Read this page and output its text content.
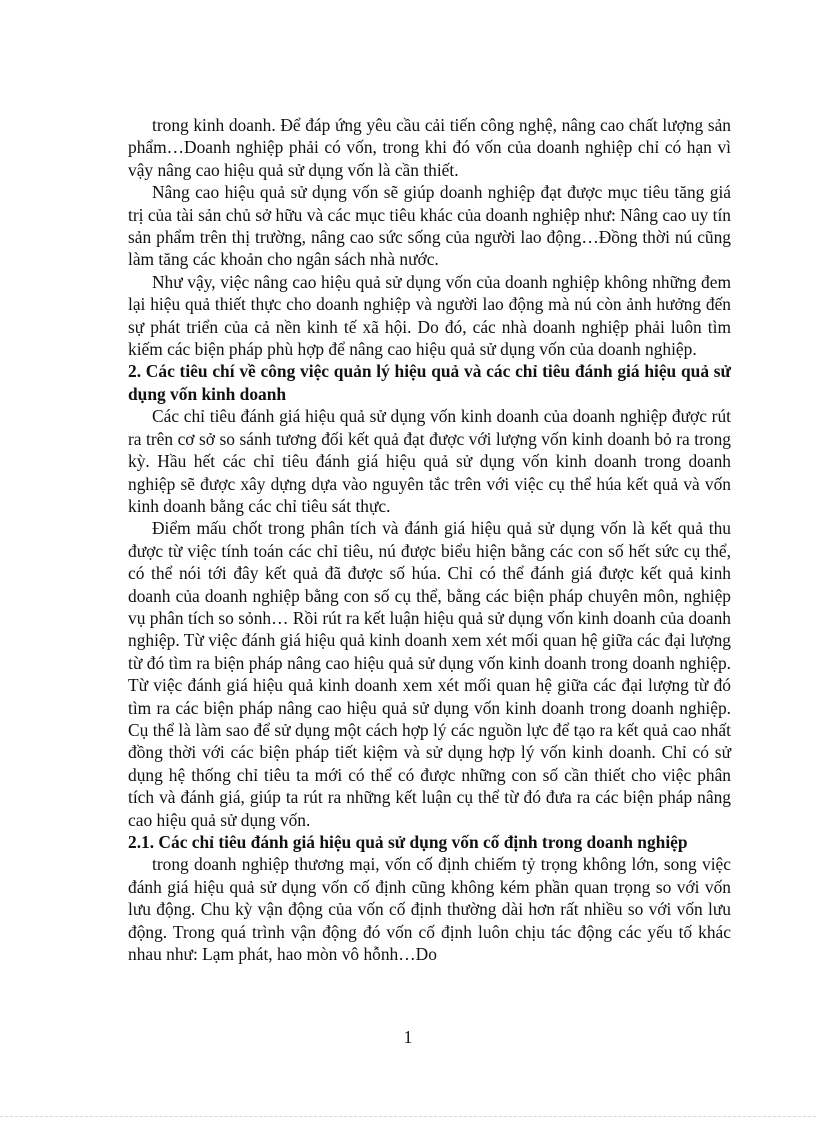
trong kinh doanh. Để đáp ứng yêu cầu cải tiến công nghệ, nâng cao chất lượng sản phẩm…Doanh nghiệp phải có vốn, trong khi đó vốn của doanh nghiệp chỉ có hạn vì vậy nâng cao hiệu quả sử dụng vốn là cần thiết.

Nâng cao hiệu quả sử dụng vốn sẽ giúp doanh nghiệp đạt được mục tiêu tăng giá trị của tài sản chủ sở hữu và các mục tiêu khác của doanh nghiệp như: Nâng cao uy tín sản phẩm trên thị trường, nâng cao sức sống của người lao động…Đồng thời nú cũng làm tăng các khoản cho ngân sách nhà nước.

Như vậy, việc nâng cao hiệu quả sử dụng vốn của doanh nghiệp không những đem lại hiệu quả thiết thực cho doanh nghiệp và người lao động mà nú còn ảnh hưởng đến sự phát triển của cả nền kinh tế xã hội. Do đó, các nhà doanh nghiệp phải luôn tìm kiếm các biện pháp phù hợp để nâng cao hiệu quả sử dụng vốn của doanh nghiệp.

2. Các tiêu chí về công việc quản lý hiệu quả và các chỉ tiêu đánh giá hiệu quả sử dụng vốn kinh doanh

Các chỉ tiêu đánh giá hiệu quả sử dụng vốn kinh doanh của doanh nghiệp được rút ra trên cơ sở so sánh tương đối kết quả đạt được với lượng vốn kinh doanh bỏ ra trong kỳ. Hầu hết các chỉ tiêu đánh giá hiệu quả sử dụng vốn kinh doanh trong doanh nghiệp sẽ được xây dựng dựa vào nguyên tắc trên với việc cụ thể húa kết quả và vốn kinh doanh bằng các chỉ tiêu sát thực.

Điểm mấu chốt trong phân tích và đánh giá hiệu quả sử dụng vốn là kết quả thu được từ việc tính toán các chỉ tiêu, nú được biểu hiện bằng các con số hết sức cụ thể, có thể nói tới đây kết quả đã được số húa. Chỉ có thể đánh giá được kết quả kinh doanh của doanh nghiệp bằng con số cụ thể, bằng các biện pháp chuyên môn, nghiệp vụ phân tích so sỏnh… Rồi rút ra kết luận hiệu quả sử dụng vốn kinh doanh của doanh nghiệp. Từ việc đánh giá hiệu quả kinh doanh xem xét mối quan hệ giữa các đại lượng từ đó tìm ra biện pháp nâng cao hiệu quả sử dụng vốn kinh doanh trong doanh nghiệp. Từ việc đánh giá hiệu quả kinh doanh xem xét mối quan hệ giữa các đại lượng từ đó tìm ra các biện pháp nâng cao hiệu quả sử dụng vốn kinh doanh trong doanh nghiệp. Cụ thể là làm sao để sử dụng một cách hợp lý các nguồn lực để tạo ra kết quả cao nhất đồng thời với các biện pháp tiết kiệm và sử dụng hợp lý vốn kinh doanh. Chỉ có sử dụng hệ thống chỉ tiêu ta mới có thể có được những con số cần thiết cho việc phân tích và đánh giá, giúp ta rút ra những kết luận cụ thể từ đó đưa ra các biện pháp nâng cao hiệu quả sử dụng vốn.

2.1. Các chỉ tiêu đánh giá hiệu quả sử dụng vốn cố định trong doanh nghiệp

trong doanh nghiệp thương mại, vốn cố định chiếm tỷ trọng không lớn, song việc đánh giá hiệu quả sử dụng vốn cố định cũng không kém phần quan trọng so với vốn lưu động. Chu kỳ vận động của vốn cố định thường dài hơn rất nhiều so với vốn lưu động. Trong quá trình vận động đó vốn cố định luôn chịu tác động các yếu tố khác nhau như: Lạm phát, hao mòn vô hỗnh…Do

1
